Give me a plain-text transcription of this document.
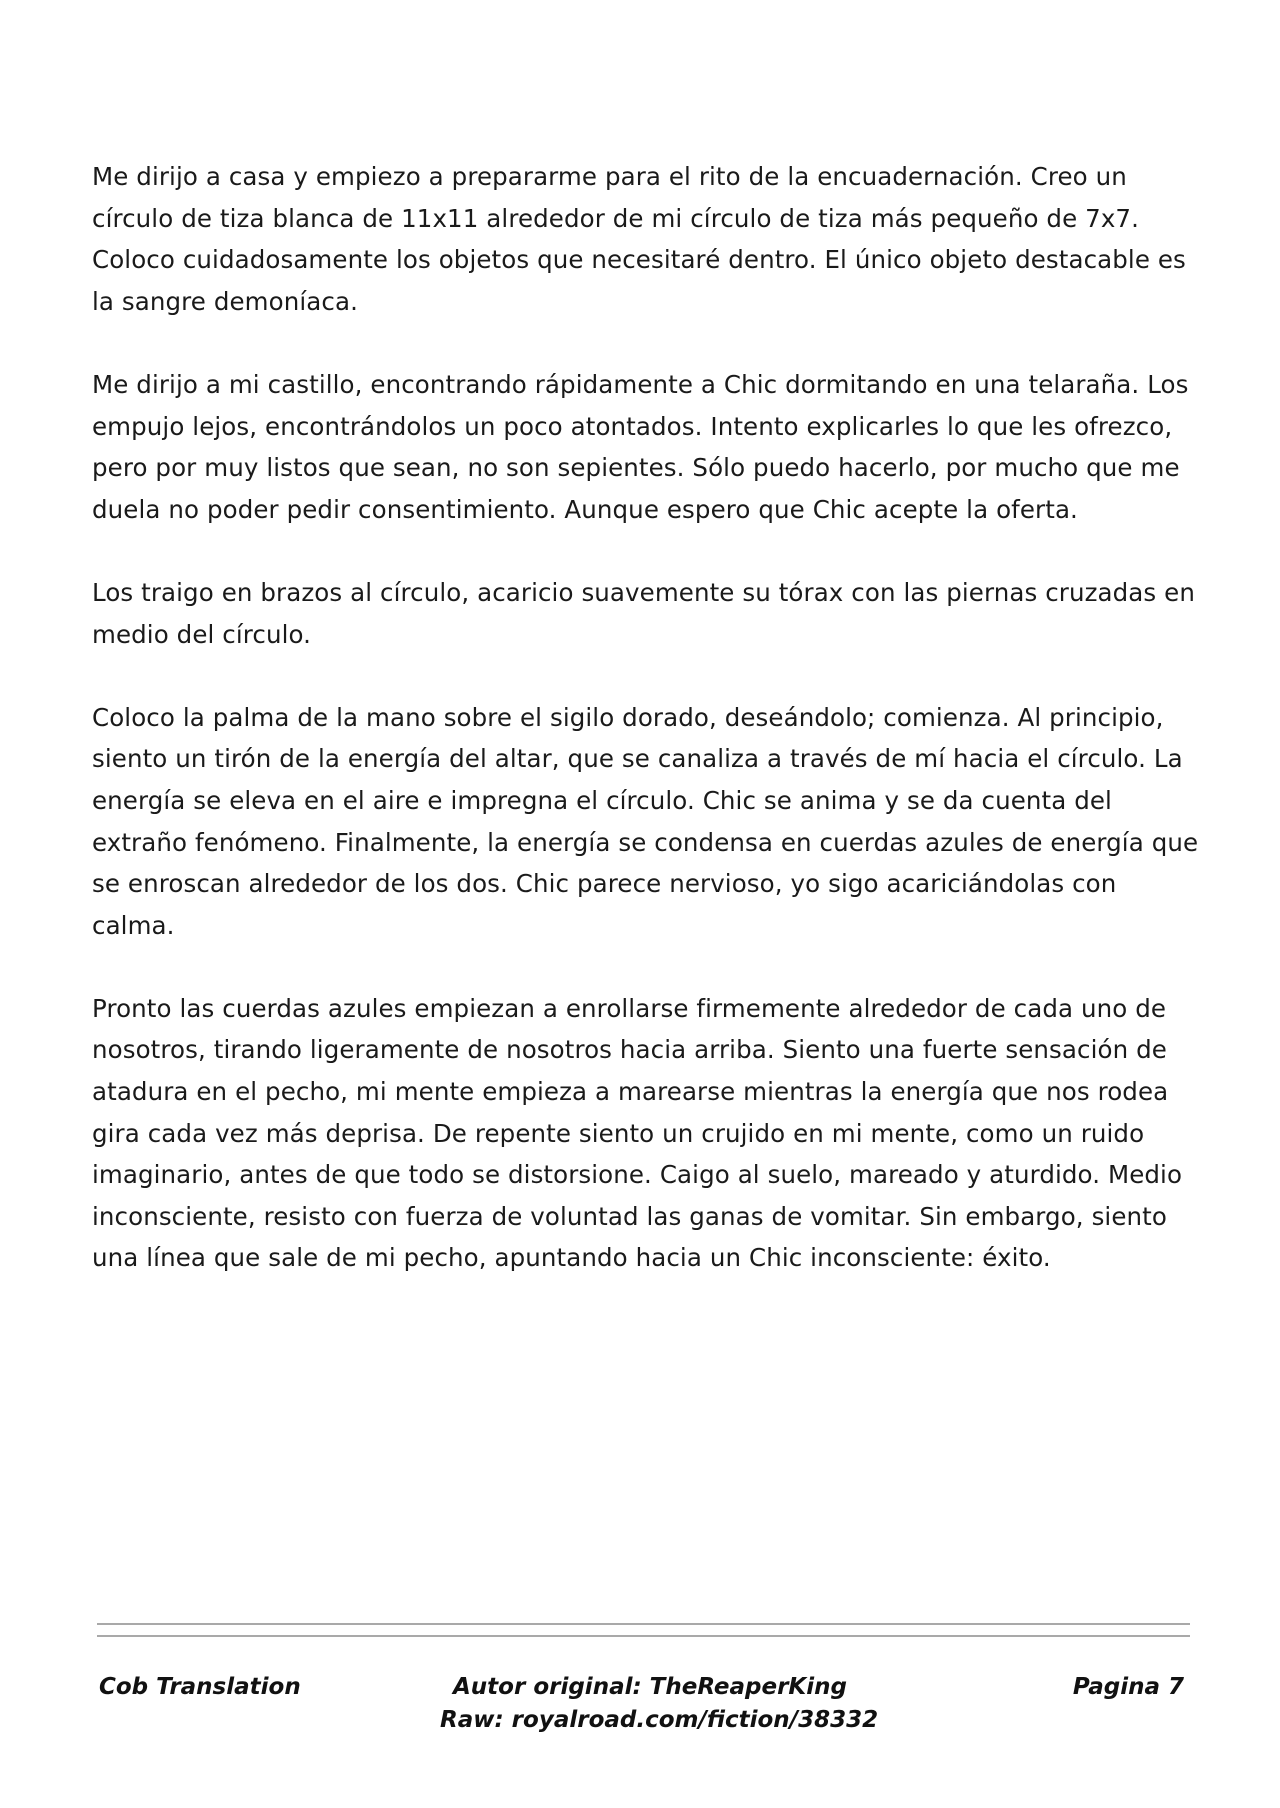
Me dirijo a casa y empiezo a prepararme para el rito de la encuadernación. Creo un círculo de tiza blanca de 11x11 alrededor de mi círculo de tiza más pequeño de 7x7. Coloco cuidadosamente los objetos que necesitaré dentro. El único objeto destacable es la sangre demoníaca.

Me dirijo a mi castillo, encontrando rápidamente a Chic dormitando en una telaraña. Los empujo lejos, encontrándolos un poco atontados. Intento explicarles lo que les ofrezco, pero por muy listos que sean, no son sepientes. Sólo puedo hacerlo, por mucho que me duela no poder pedir consentimiento. Aunque espero que Chic acepte la oferta.

Los traigo en brazos al círculo, acaricio suavemente su tórax con las piernas cruzadas en medio del círculo.

Coloco la palma de la mano sobre el sigilo dorado, deseándolo; comienza. Al principio, siento un tirón de la energía del altar, que se canaliza a través de mí hacia el círculo. La energía se eleva en el aire e impregna el círculo. Chic se anima y se da cuenta del extraño fenómeno. Finalmente, la energía se condensa en cuerdas azules de energía que se enroscan alrededor de los dos. Chic parece nervioso, yo sigo acariciándolas con calma.

Pronto las cuerdas azules empiezan a enrollarse firmemente alrededor de cada uno de nosotros, tirando ligeramente de nosotros hacia arriba. Siento una fuerte sensación de atadura en el pecho, mi mente empieza a marearse mientras la energía que nos rodea gira cada vez más deprisa. De repente siento un crujido en mi mente, como un ruido imaginario, antes de que todo se distorsione. Caigo al suelo, mareado y aturdido. Medio inconsciente, resisto con fuerza de voluntad las ganas de vomitar. Sin embargo, siento una línea que sale de mi pecho, apuntando hacia un Chic inconsciente: éxito.

Cob Translation	Autor original: TheReaperKing
Raw: royalroad.com/fiction/38332
Pagina 7
